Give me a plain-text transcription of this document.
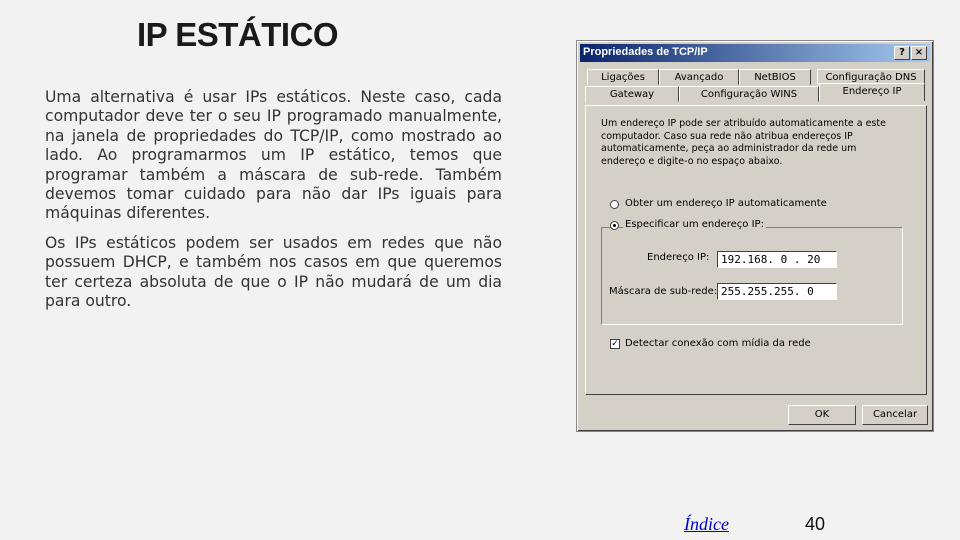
IP ESTÁTICO

Uma alternativa é usar IPs estáticos. Neste caso, cada computador deve ter o seu IP programado manualmente, na janela de propriedades do TCP/IP, como mostrado ao lado. Ao programarmos um IP estático, temos que programar também a máscara de sub-rede. Também devemos tomar cuidado para não dar IPs iguais para máquinas diferentes.

Os IPs estáticos podem ser usados em redes que não possuem DHCP, e também nos casos em que queremos ter certeza absoluta de que o IP não mudará de um dia para outro.

Propriedades de TCP/IP	? ×
Ligações	Avançado	NetBIOS	Configuração DNS
Gateway	Configuração WINS	Endereço IP
Um endereço IP pode ser atribuído automaticamente a este computador. Caso sua rede não atribua endereços IP automaticamente, peça ao administrador da rede um endereço e digite-o no espaço abaixo.
Obter um endereço IP automaticamente
Especificar um endereço IP:
Endereço IP:	192.168. 0 . 20
Máscara de sub-rede: 255.255.255. 0
✓ Detectar conexão com mídia da rede
OK	Cancelar
Índice	40
